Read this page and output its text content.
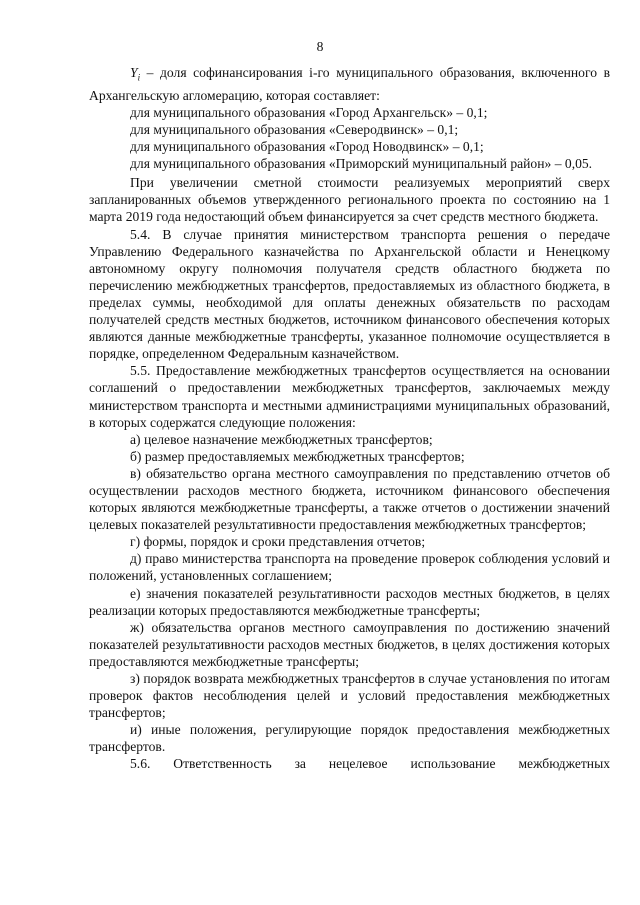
8

$Y_i$ – доля софинансирования i-го муниципального образования, включенного в Архангельскую агломерацию, которая составляет:

для муниципального образования «Город Архангельск» – 0,1;

для муниципального образования «Северодвинск» – 0,1;

для муниципального образования «Город Новодвинск» – 0,1;

для муниципального образования «Приморский муниципальный район» – 0,05.

При увеличении сметной стоимости реализуемых мероприятий сверх запланированных объемов утвержденного регионального проекта по состоянию на 1 марта 2019 года недостающий объем финансируется за счет средств местного бюджета.

5.4. В случае принятия министерством транспорта решения о передаче Управлению Федерального казначейства по Архангельской области и Ненецкому автономному округу полномочия получателя средств областного бюджета по перечислению межбюджетных трансфертов, предоставляемых из областного бюджета, в пределах суммы, необходимой для оплаты денежных обязательств по расходам получателей средств местных бюджетов, источником финансового обеспечения которых являются данные межбюджетные трансферты, указанное полномочие осуществляется в порядке, определенном Федеральным казначейством.

5.5. Предоставление межбюджетных трансфертов осуществляется на основании соглашений о предоставлении межбюджетных трансфертов, заключаемых между министерством транспорта и местными администрациями муниципальных образований, в которых содержатся следующие положения:

а) целевое назначение межбюджетных трансфертов;

б) размер предоставляемых межбюджетных трансфертов;

в) обязательство органа местного самоуправления по представлению отчетов об осуществлении расходов местного бюджета, источником финансового обеспечения которых являются межбюджетные трансферты, а также отчетов о достижении значений целевых показателей результативности предоставления межбюджетных трансфертов;

г) формы, порядок и сроки представления отчетов;

д) право министерства транспорта на проведение проверок соблюдения условий и положений, установленных соглашением;

е) значения показателей результативности расходов местных бюджетов, в целях реализации которых предоставляются межбюджетные трансферты;

ж) обязательства органов местного самоуправления по достижению значений показателей результативности расходов местных бюджетов, в целях достижения которых предоставляются межбюджетные трансферты;

з) порядок возврата межбюджетных трансфертов в случае установления по итогам проверок фактов несоблюдения целей и условий предоставления межбюджетных трансфертов;

и) иные положения, регулирующие порядок предоставления межбюджетных трансфертов.

5.6. Ответственность за нецелевое использование межбюджетных
